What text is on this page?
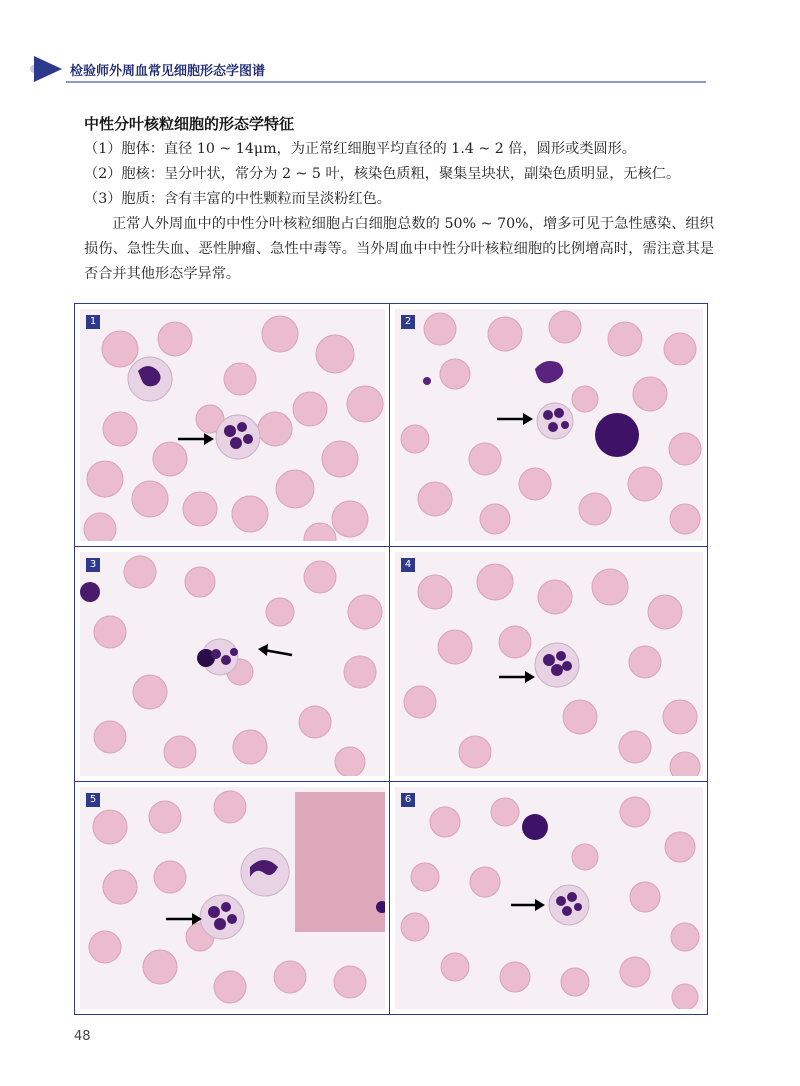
检验师外周血常见细胞形态学图谱
中性分叶核粒细胞的形态学特征
（1）胞体：直径 10 ~ 14μm，为正常红细胞平均直径的 1.4 ~ 2 倍，圆形或类圆形。
（2）胞核：呈分叶状，常分为 2 ~ 5 叶，核染色质粗，聚集呈块状，副染色质明显，无核仁。
（3）胞质：含有丰富的中性颗粒而呈淡粉红色。
正常人外周血中的中性分叶核粒细胞占白细胞总数的 50% ~ 70%，增多可见于急性感染、组织损伤、急性失血、恶性肿瘤、急性中毒等。当外周血中中性分叶核粒细胞的比例增高时，需注意其是否合并其他形态学异常。
1	2
3	4
5	6
48
